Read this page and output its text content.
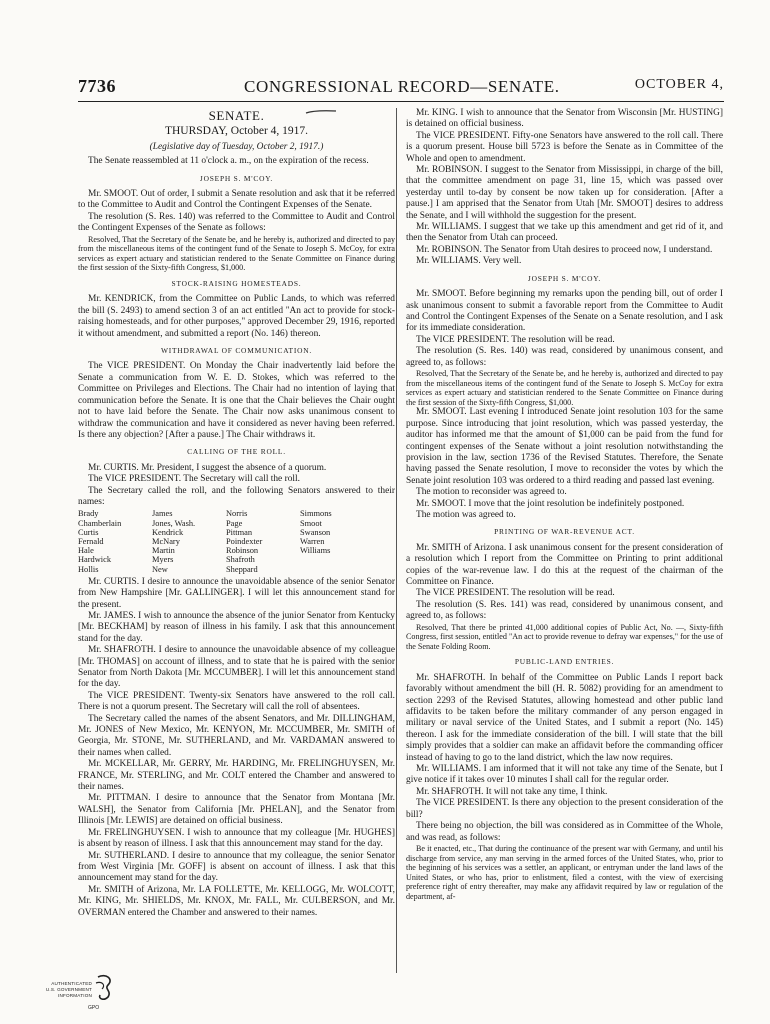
7736	CONGRESSIONAL RECORD—SENATE.	OCTOBER 4,
SENATE.

THURSDAY, October 4, 1917.

(Legislative day of Tuesday, October 2, 1917.)

The Senate reassembled at 11 o'clock a. m., on the expiration of the recess.

JOSEPH S. M'COY.

Mr. SMOOT. Out of order, I submit a Senate resolution and ask that it be referred to the Committee to Audit and Control the Contingent Expenses of the Senate.

The resolution (S. Res. 140) was referred to the Committee to Audit and Control the Contingent Expenses of the Senate as follows:

Resolved, That the Secretary of the Senate be, and he hereby is, authorized and directed to pay from the miscellaneous items of the contingent fund of the Senate to Joseph S. McCoy, for extra services as expert actuary and statistician rendered to the Senate Committee on Finance during the first session of the Sixty-fifth Congress, $1,000.

STOCK-RAISING HOMESTEADS.

Mr. KENDRICK, from the Committee on Public Lands, to which was referred the bill (S. 2493) to amend section 3 of an act entitled "An act to provide for stock-raising homesteads, and for other purposes," approved December 29, 1916, reported it without amendment, and submitted a report (No. 146) thereon.

WITHDRAWAL OF COMMUNICATION.

The VICE PRESIDENT. On Monday the Chair inadvertently laid before the Senate a communication from W. E. D. Stokes, which was referred to the Committee on Privileges and Elections. The Chair had no intention of laying that communication before the Senate. It is one that the Chair believes the Chair ought not to have laid before the Senate. The Chair now asks unanimous consent to withdraw the communication and have it considered as never having been referred. Is there any objection? [After a pause.] The Chair withdraws it.

CALLING OF THE ROLL.

Mr. CURTIS. Mr. President, I suggest the absence of a quorum.

The VICE PRESIDENT. The Secretary will call the roll.

The Secretary called the roll, and the following Senators answered to their names:

Brady
Chamberlain
Curtis
Fernald
Hale
Hardwick
Hollis
James
Jones, Wash.
Kendrick
McNary
Martin
Myers
New
Norris
Page
Pittman
Poindexter
Robinson
Shafroth
Sheppard
Simmons
Smoot
Swanson
Warren
Williams

Mr. CURTIS. I desire to announce the unavoidable absence of the senior Senator from New Hampshire [Mr. GALLINGER]. I will let this announcement stand for the present.

Mr. JAMES. I wish to announce the absence of the junior Senator from Kentucky [Mr. BECKHAM] by reason of illness in his family. I ask that this announcement stand for the day.

Mr. SHAFROTH. I desire to announce the unavoidable absence of my colleague [Mr. THOMAS] on account of illness, and to state that he is paired with the senior Senator from North Dakota [Mr. MCCUMBER]. I will let this announcement stand for the day.

The VICE PRESIDENT. Twenty-six Senators have answered to the roll call. There is not a quorum present. The Secretary will call the roll of absentees.

The Secretary called the names of the absent Senators, and Mr. DILLINGHAM, Mr. JONES of New Mexico, Mr. KENYON, Mr. MCCUMBER, Mr. SMITH of Georgia, Mr. STONE, Mr. SUTHERLAND, and Mr. VARDAMAN answered to their names when called.

Mr. MCKELLAR, Mr. GERRY, Mr. HARDING, Mr. FRELINGHUYSEN, Mr. FRANCE, Mr. STERLING, and Mr. COLT entered the Chamber and answered to their names.

Mr. PITTMAN. I desire to announce that the Senator from Montana [Mr. WALSH], the Senator from California [Mr. PHELAN], and the Senator from Illinois [Mr. LEWIS] are detained on official business.

Mr. FRELINGHUYSEN. I wish to announce that my colleague [Mr. HUGHES] is absent by reason of illness. I ask that this announcement may stand for the day.

Mr. SUTHERLAND. I desire to announce that my colleague, the senior Senator from West Virginia [Mr. GOFF] is absent on account of illness. I ask that this announcement may stand for the day.

Mr. SMITH of Arizona, Mr. LA FOLLETTE, Mr. KELLOGG, Mr. WOLCOTT, Mr. KING, Mr. SHIELDS, Mr. KNOX, Mr. FALL, Mr. CULBERSON, and Mr. OVERMAN entered the Chamber and answered to their names.

Mr. KING. I wish to announce that the Senator from Wisconsin [Mr. HUSTING] is detained on official business.

The VICE PRESIDENT. Fifty-one Senators have answered to the roll call. There is a quorum present. House bill 5723 is before the Senate as in Committee of the Whole and open to amendment.

Mr. ROBINSON. I suggest to the Senator from Mississippi, in charge of the bill, that the committee amendment on page 31, line 15, which was passed over yesterday until to-day by consent be now taken up for consideration. [After a pause.] I am apprised that the Senator from Utah [Mr. SMOOT] desires to address the Senate, and I will withhold the suggestion for the present.

Mr. WILLIAMS. I suggest that we take up this amendment and get rid of it, and then the Senator from Utah can proceed.

Mr. ROBINSON. The Senator from Utah desires to proceed now, I understand.

Mr. WILLIAMS. Very well.

JOSEPH S. M'COY.

Mr. SMOOT. Before beginning my remarks upon the pending bill, out of order I ask unanimous consent to submit a favorable report from the Committee to Audit and Control the Contingent Expenses of the Senate on a Senate resolution, and I ask for its immediate consideration.

The VICE PRESIDENT. The resolution will be read.

The resolution (S. Res. 140) was read, considered by unanimous consent, and agreed to, as follows:

Resolved, That the Secretary of the Senate be, and he hereby is, authorized and directed to pay from the miscellaneous items of the contingent fund of the Senate to Joseph S. McCoy for extra services as expert actuary and statistician rendered to the Senate Committee on Finance during the first session of the Sixty-fifth Congress, $1,000.

Mr. SMOOT. Last evening I introduced Senate joint resolution 103 for the same purpose. Since introducing that joint resolution, which was passed yesterday, the auditor has informed me that the amount of $1,000 can be paid from the fund for contingent expenses of the Senate without a joint resolution notwithstanding the provision in the law, section 1736 of the Revised Statutes. Therefore, the Senate having passed the Senate resolution, I move to reconsider the votes by which the Senate joint resolution 103 was ordered to a third reading and passed last evening.

The motion to reconsider was agreed to.

Mr. SMOOT. I move that the joint resolution be indefinitely postponed.

The motion was agreed to.

PRINTING OF WAR-REVENUE ACT.

Mr. SMITH of Arizona. I ask unanimous consent for the present consideration of a resolution which I report from the Committee on Printing to print additional copies of the war-revenue law. I do this at the request of the chairman of the Committee on Finance.

The VICE PRESIDENT. The resolution will be read.

The resolution (S. Res. 141) was read, considered by unanimous consent, and agreed to, as follows:

Resolved, That there be printed 41,000 additional copies of Public Act, No. —, Sixty-fifth Congress, first session, entitled "An act to provide revenue to defray war expenses," for the use of the Senate Folding Room.

PUBLIC-LAND ENTRIES.

Mr. SHAFROTH. In behalf of the Committee on Public Lands I report back favorably without amendment the bill (H. R. 5082) providing for an amendment to section 2293 of the Revised Statutes, allowing homestead and other public land affidavits to be taken before the military commander of any person engaged in military or naval service of the United States, and I submit a report (No. 145) thereon. I ask for the immediate consideration of the bill. I will state that the bill simply provides that a soldier can make an affidavit before the commanding officer instead of having to go to the land district, which the law now requires.

Mr. WILLIAMS. I am informed that it will not take any time of the Senate, but I give notice if it takes over 10 minutes I shall call for the regular order.

Mr. SHAFROTH. It will not take any time, I think.

The VICE PRESIDENT. Is there any objection to the present consideration of the bill?

There being no objection, the bill was considered as in Committee of the Whole, and was read, as follows:

Be it enacted, etc., That during the continuance of the present war with Germany, and until his discharge from service, any man serving in the armed forces of the United States, who, prior to the beginning of his services was a settler, an applicant, or entryman under the land laws of the United States, or who has, prior to enlistment, filed a contest, with the view of exercising preference right of entry thereafter, may make any affidavit required by law or regulation of the department, af-

AUTHENTICATED
U.S. GOVERNMENT
INFORMATION
GPO
